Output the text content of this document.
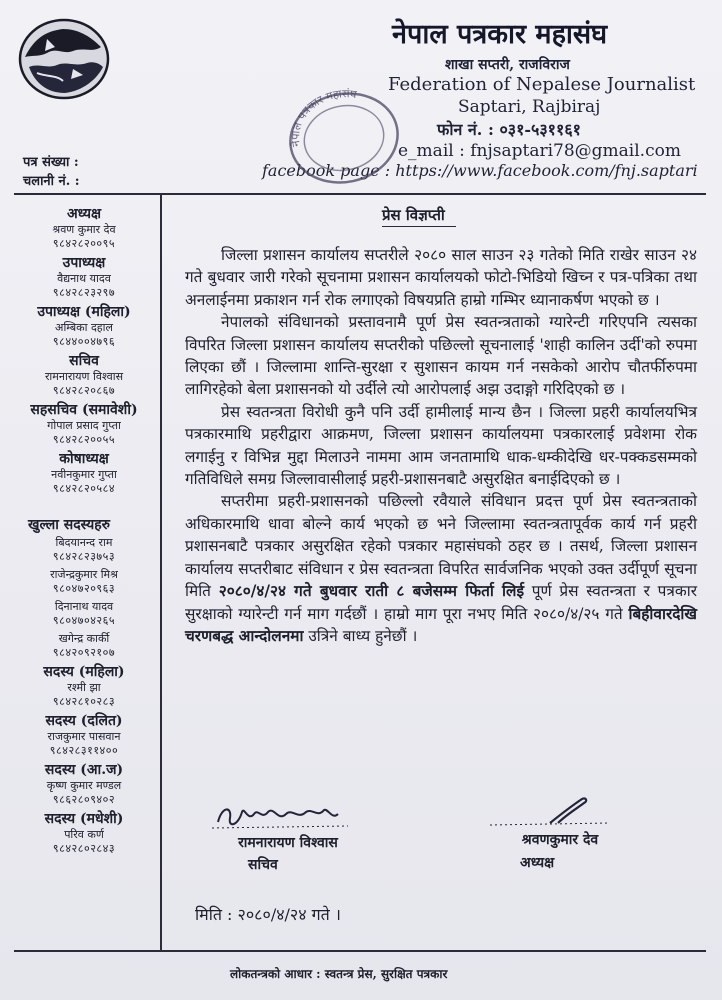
नेपाल पत्रकार महासंघ
शाखा सप्तरी, राजविराज
Federation of Nepalese Journalist
Saptari, Rajbiraj
फोन नं. : ०३१-५३११६१
e_mail : fnjsaptari78@gmail.com
facebook page : https://www.facebook.com/fnj.saptari
नेपाल पत्रकार महासंघ
पत्र संख्या :
चलानी नं. :
अध्यक्ष
श्रवण कुमार देव
९८४२८२००९५
उपाध्यक्ष
वैद्यनाथ यादव
९८४२८२३२९७
उपाध्यक्ष (महिला)
अम्बिका दहाल
९८४४००४७९६
सचिव
रामनारायण विश्वास
९८४२८२०८६७
सहसचिव (समावेशी)
गोपाल प्रसाद गुप्ता
९८४२८२००५५
कोषाध्यक्ष
नवीनकुमार गुप्ता
९८४२८२०५८४
खुल्ला सदस्यहरु
बिदयानन्द राम
९८४२८२३७५३
राजेन्द्रकुमार मिश्र
९८०४७२०९६३
दिनानाथ यादव
९८०४७०४२६५
खगेन्द्र कार्की
९८४२०९२१०७
सदस्य (महिला)
रश्मी झा
९८४२८१०२८३
सदस्य (दलित)
राजकुमार पासवान
९८४२८३११४००
सदस्य (आ.ज)
कृष्ण कुमार मण्डल
९८६२८०९४०२
सदस्य (मधेशी)
परिव कर्ण
९८४२८०२८४३
प्रेस विज्ञप्ती

जिल्ला प्रशासन कार्यालय सप्तरीले २०८० साल साउन २३ गतेको मिति राखेर साउन २४ गते बुधवार जारी गरेको सूचनामा प्रशासन कार्यालयको फोटो-भिडियो खिच्न र पत्र-पत्रिका तथा अनलाईनमा प्रकाशन गर्न रोक लगाएको विषयप्रति हाम्रो गम्भिर ध्यानाकर्षण भएको छ ।

नेपालको संविधानको प्रस्तावनामै पूर्ण प्रेस स्वतन्त्रताको ग्यारेन्टी गरिएपनि त्यसका विपरित जिल्ला प्रशासन कार्यालय सप्तरीको पछिल्लो सूचनालाई 'शाही कालिन उर्दी'को रुपमा लिएका छौं । जिल्लामा शान्ति-सुरक्षा र सुशासन कायम गर्न नसकेको आरोप चौतर्फीरुपमा लागिरहेको बेला प्रशासनको यो उर्दीले त्यो आरोपलाई अझ उदाङ्गो गरिदिएको छ ।

प्रेस स्वतन्त्रता विरोधी कुनै पनि उर्दी हामीलाई मान्य छैन । जिल्ला प्रहरी कार्यालयभित्र पत्रकारमाथि प्रहरीद्वारा आक्रमण, जिल्ला प्रशासन कार्यालयमा पत्रकारलाई प्रवेशमा रोक लगाईनु र विभिन्न मुद्दा मिलाउने नाममा आम जनतामाथि धाक-धम्कीदेखि धर-पक्कडसम्मको गतिविधिले समग्र जिल्लावासीलाई प्रहरी-प्रशासनबाटै असुरक्षित बनाईदिएको छ ।

सप्तरीमा प्रहरी-प्रशासनको पछिल्लो रवैयाले संविधान प्रदत्त पूर्ण प्रेस स्वतन्त्रताको अधिकारमाथि धावा बोल्ने कार्य भएको छ भने जिल्लामा स्वतन्त्रतापूर्वक कार्य गर्न प्रहरी प्रशासनबाटै पत्रकार असुरक्षित रहेको पत्रकार महासंघको ठहर छ । तसर्थ, जिल्ला प्रशासन कार्यालय सप्तरीबाट संविधान र प्रेस स्वतन्त्रता विपरित सार्वजनिक भएको उक्त उर्दीपूर्ण सूचना मिति २०८०/४/२४ गते बुधवार राती ८ बजेसम्म फिर्ता लिई पूर्ण प्रेस स्वतन्त्रता र पत्रकार सुरक्षाको ग्यारेन्टी गर्न माग गर्दछौं । हाम्रो माग पूरा नभए मिति २०८०/४/२५ गते बिहीवारदेखि चरणबद्ध आन्दोलनमा उत्रिने बाध्य हुनेछौं ।

रामनारायण विश्वास
सचिव
श्रवणकुमार देव
अध्यक्ष
मिति : २०८०/४/२४ गते ।
लोकतन्त्रको आधार : स्वतन्त्र प्रेस, सुरक्षित पत्रकार
